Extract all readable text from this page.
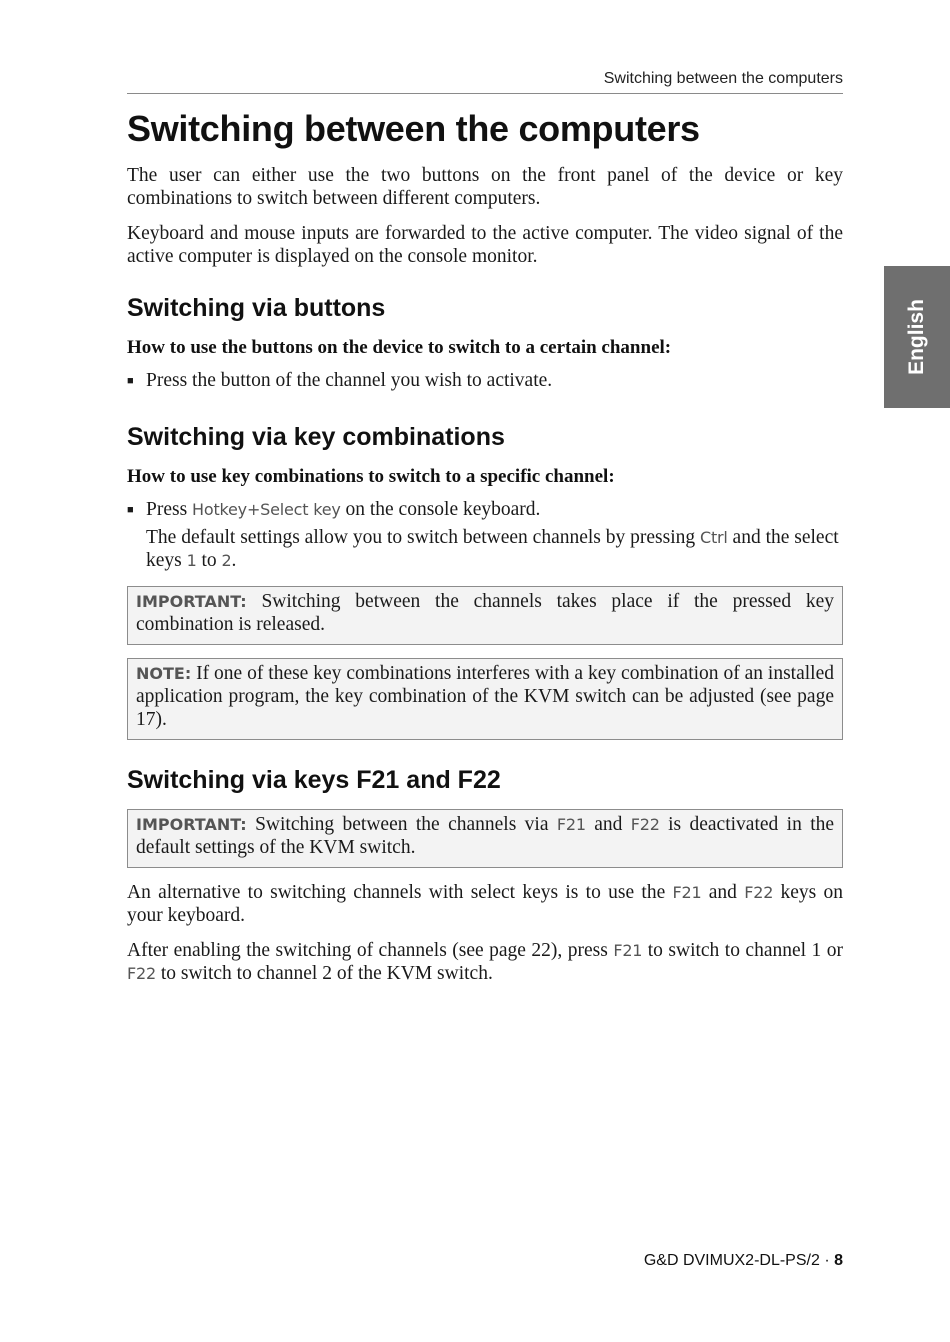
Switching between the computers
English
Switching between the computers

The user can either use the two buttons on the front panel of the device or key combinations to switch between different computers.

Keyboard and mouse inputs are forwarded to the active computer. The video signal of the active computer is displayed on the console monitor.

Switching via buttons
How to use the buttons on the device to switch to a certain channel:
■ Press the button of the channel you wish to activate.
Switching via key combinations
How to use key combinations to switch to a specific channel:
■ Press Hotkey+Select key on the console keyboard.
The default settings allow you to switch between channels by pressing Ctrl and the select keys 1 to 2.
IMPORTANT: Switching between the channels takes place if the pressed key combination is released.
NOTE: If one of these key combinations interferes with a key combination of an installed application program, the key combination of the KVM switch can be adjusted (see page 17).
Switching via keys F21 and F22
IMPORTANT: Switching between the channels via F21 and F22 is deactivated in the default settings of the KVM switch.

An alternative to switching channels with select keys is to use the F21 and F22 keys on your keyboard.

After enabling the switching of channels (see page 22), press F21 to switch to channel 1 or F22 to switch to channel 2 of the KVM switch.

G&D DVIMUX2-DL-PS/2 · 8
